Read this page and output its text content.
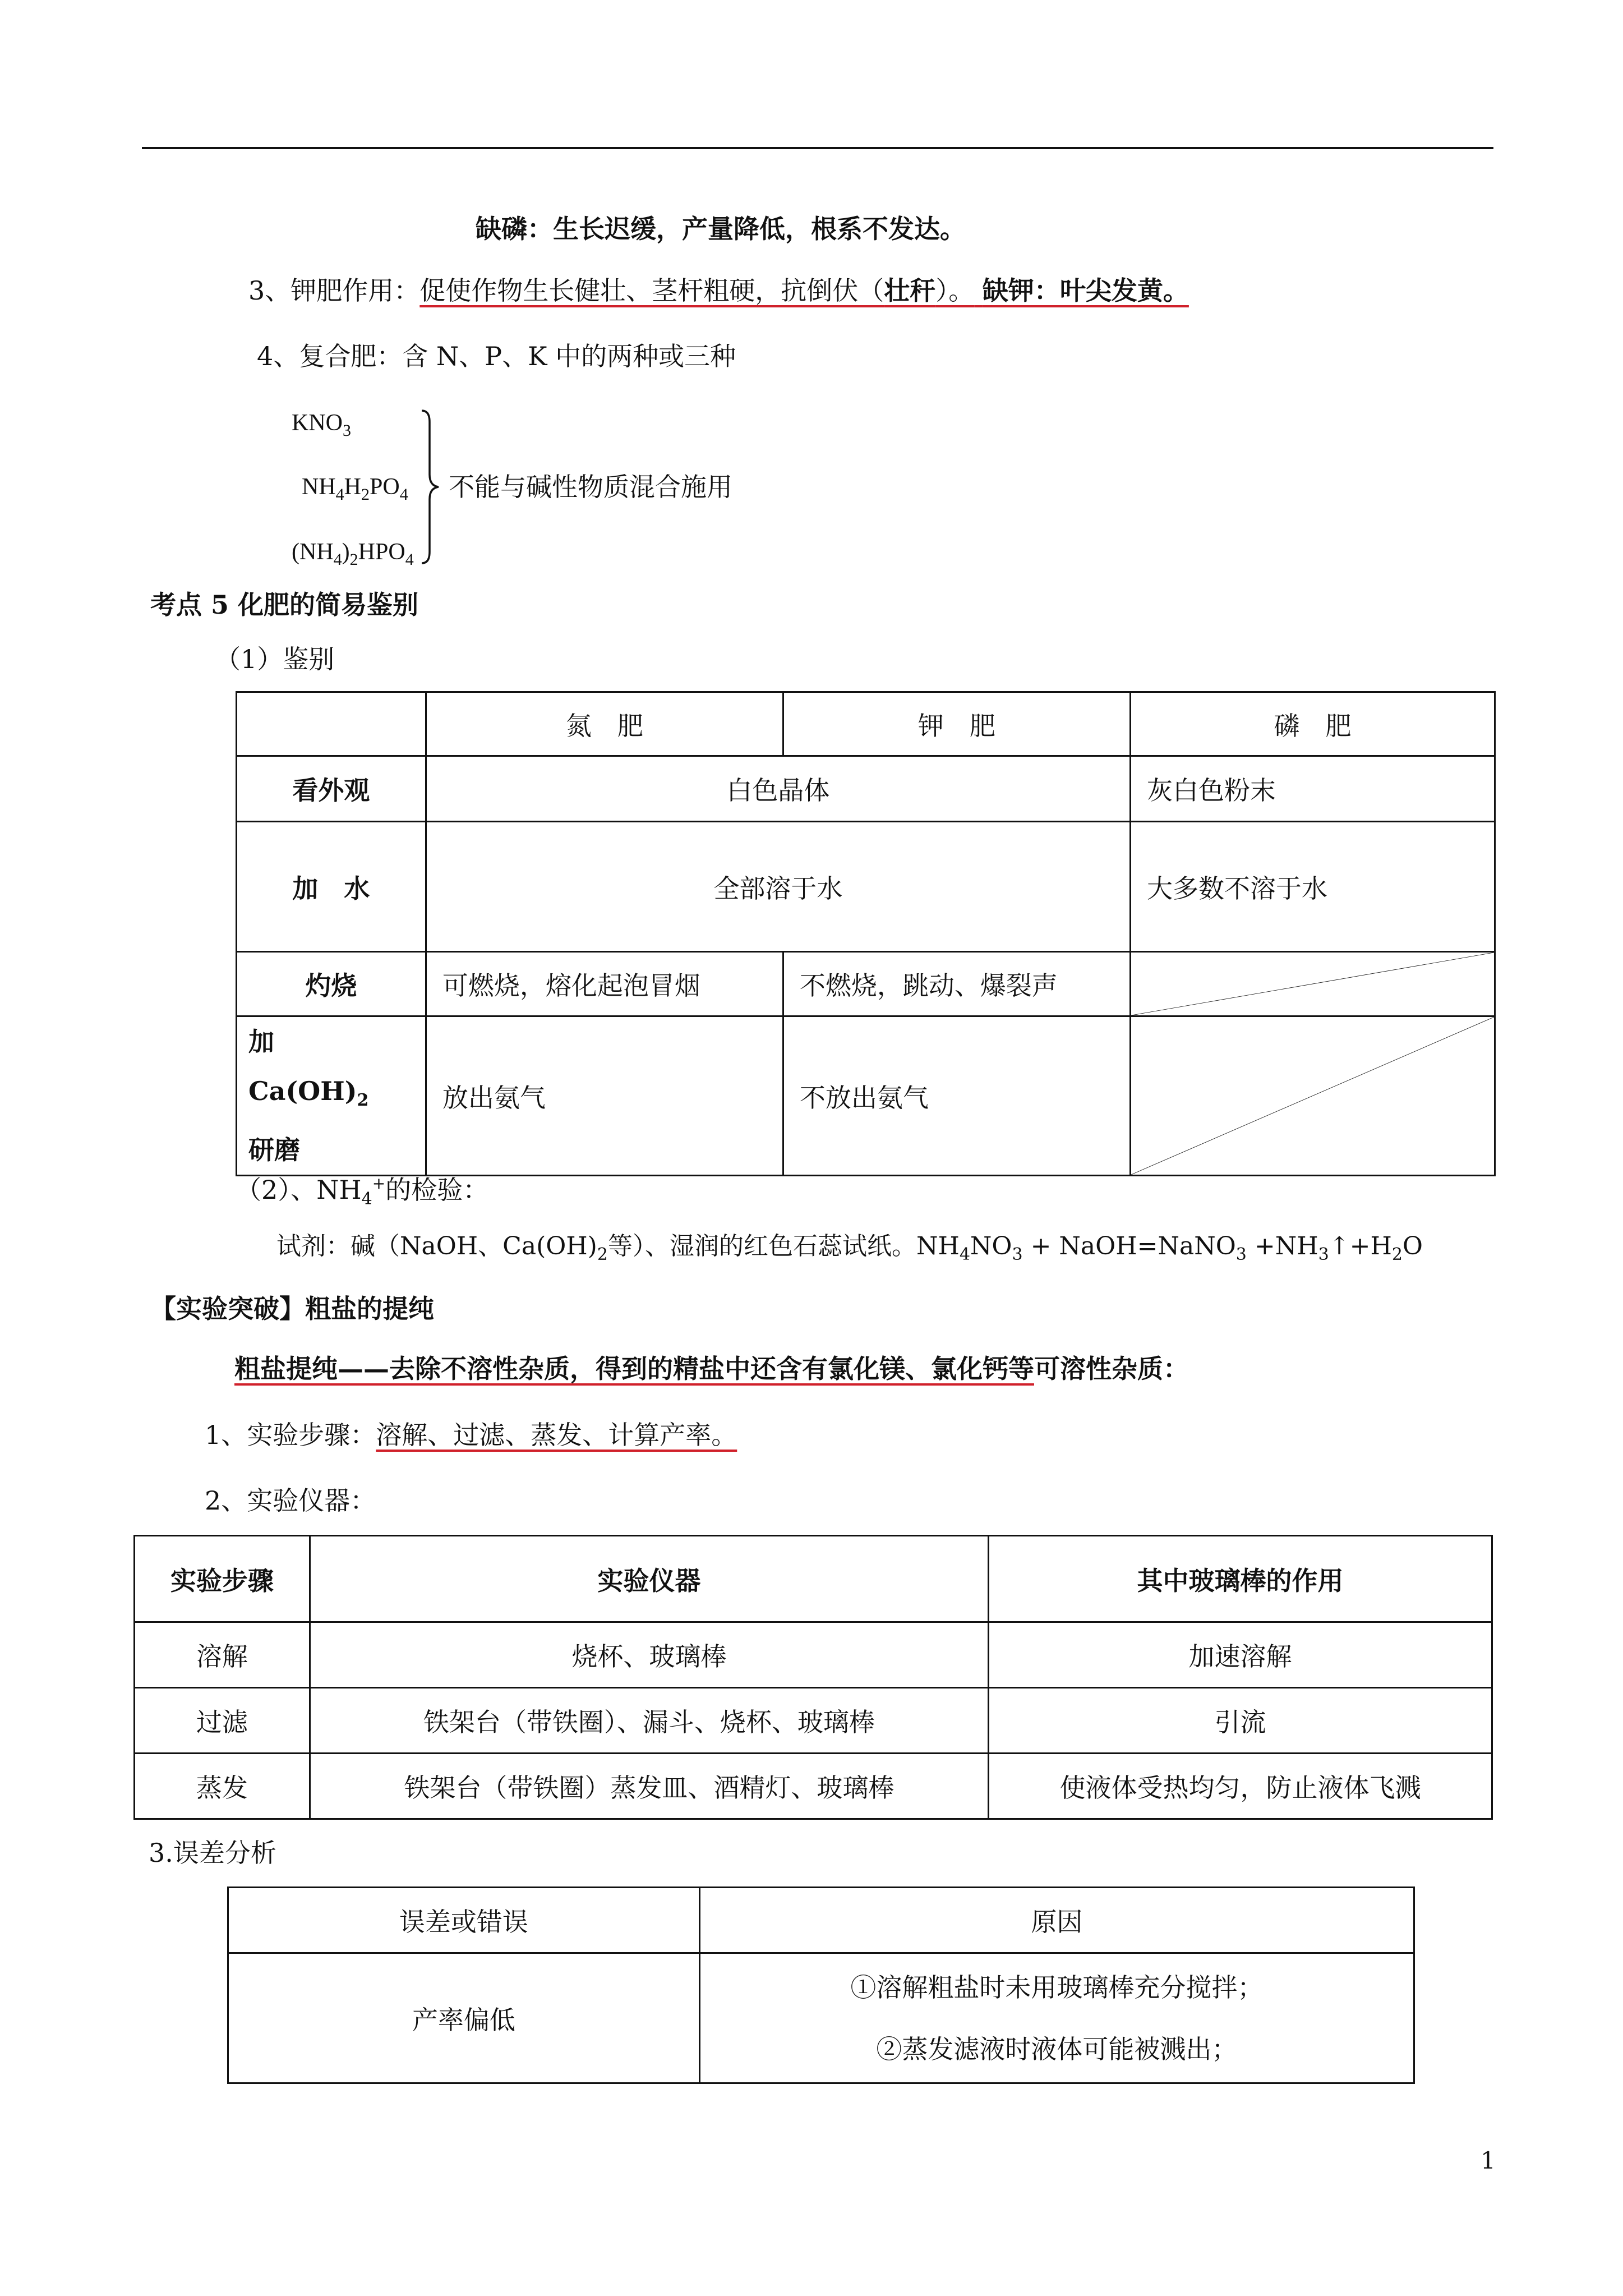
缺磷：生长迟缓，产量降低，根系不发达。
3、钾肥作用：促使作物生长健壮、茎杆粗硬，抗倒伏（壮秆）。 缺钾：叶尖发黄。
4、复合肥：含 N、P、K 中的两种或三种
$KNO_3$
$NH_4H_2PO_4$
$(NH_4)_2HPO_4$
不能与碱性物质混合施用
考点 5 化肥的简易鉴别
（1）鉴别
	氮　肥	钾　肥	磷　肥
看外观	白色晶体		灰白色粉末
加　水	全部溶于水		大多数不溶于水
灼烧	可燃烧，熔化起泡冒烟	不燃烧，跳动、爆裂声	

加　$Ca(OH)_2$
研磨	放出氨气	不放出氨气	
（2）、$NH_4^+$的检验：
试剂：碱（NaOH、$Ca(OH)_2$等）、湿润的红色石蕊试纸。$NH_4NO_3$ + NaOH=NaNO$_3$ $+NH_3↑+H_2O$
【实验突破】粗盐的提纯
粗盐提纯——去除不溶性杂质，得到的精盐中还含有氯化镁、氯化钙等可溶性杂质：
1、实验步骤：溶解、过滤、蒸发、计算产率。
2、实验仪器：
实验步骤	实验仪器	其中玻璃棒的作用
溶解	烧杯、玻璃棒	加速溶解
过滤	铁架台（带铁圈）、漏斗、烧杯、玻璃棒	引流
蒸发	铁架台（带铁圈）蒸发皿、酒精灯、玻璃棒	使液体受热均匀，防止液体飞溅
3.误差分析
误差或错误	原因
产率偏低	①溶解粗盐时未用玻璃棒充分搅拌；
②蒸发滤液时液体可能被溅出；
1
